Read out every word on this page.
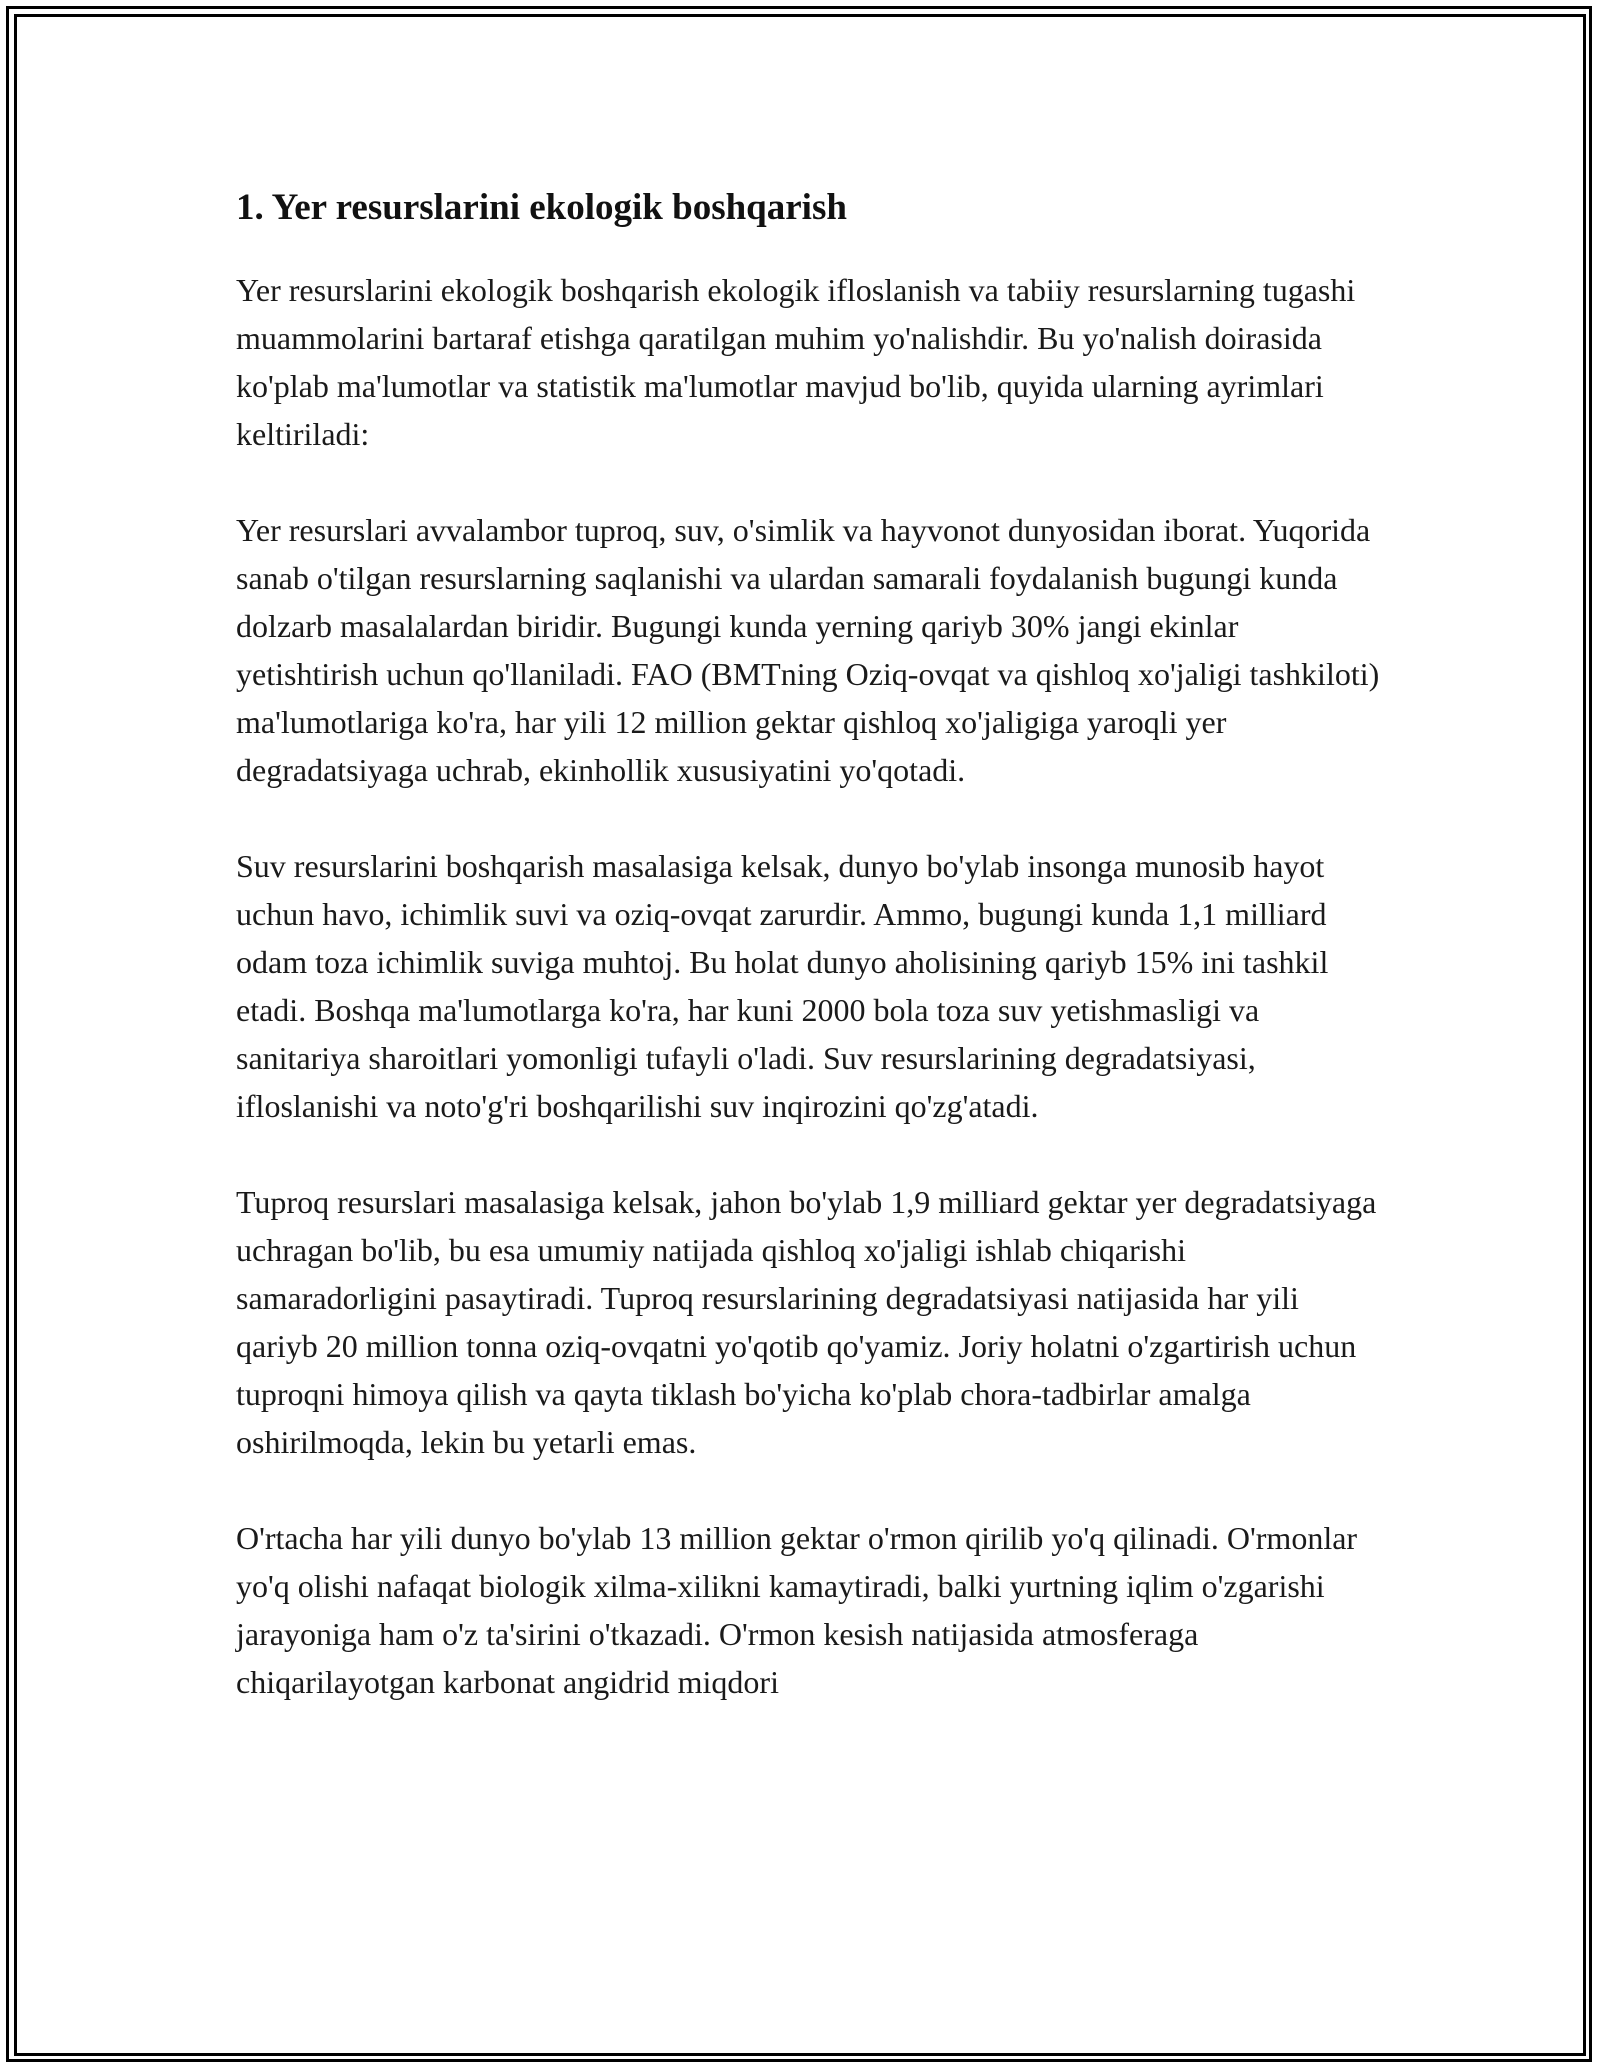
1. Yer resurslarini ekologik boshqarish

Yer resurslarini ekologik boshqarish ekologik ifloslanish va tabiiy resurslarning tugashi muammolarini bartaraf etishga qaratilgan muhim yo'nalishdir. Bu yo'nalish doirasida ko'plab ma'lumotlar va statistik ma'lumotlar mavjud bo'lib, quyida ularning ayrimlari keltiriladi:

Yer resurslari avvalambor tuproq, suv, o'simlik va hayvonot dunyosidan iborat. Yuqorida sanab o'tilgan resurslarning saqlanishi va ulardan samarali foydalanish bugungi kunda dolzarb masalalardan biridir. Bugungi kunda yerning qariyb 30% jangi ekinlar yetishtirish uchun qo'llaniladi. FAO (BMTning Oziq-ovqat va qishloq xo'jaligi tashkiloti) ma'lumotlariga ko'ra, har yili 12 million gektar qishloq xo'jaligiga yaroqli yer degradatsiyaga uchrab, ekinhollik xususiyatini yo'qotadi.

Suv resurslarini boshqarish masalasiga kelsak, dunyo bo'ylab insonga munosib hayot uchun havo, ichimlik suvi va oziq-ovqat zarurdir. Ammo, bugungi kunda 1,1 milliard odam toza ichimlik suviga muhtoj. Bu holat dunyo aholisining qariyb 15% ini tashkil etadi. Boshqa ma'lumotlarga ko'ra, har kuni 2000 bola toza suv yetishmasligi va sanitariya sharoitlari yomonligi tufayli o'ladi. Suv resurslarining degradatsiyasi, ifloslanishi va noto'g'ri boshqarilishi suv inqirozini qo'zg'atadi.

Tuproq resurslari masalasiga kelsak, jahon bo'ylab 1,9 milliard gektar yer degradatsiyaga uchragan bo'lib, bu esa umumiy natijada qishloq xo'jaligi ishlab chiqarishi samaradorligini pasaytiradi. Tuproq resurslarining degradatsiyasi natijasida har yili qariyb 20 million tonna oziq-ovqatni yo'qotib qo'yamiz. Joriy holatni o'zgartirish uchun tuproqni himoya qilish va qayta tiklash bo'yicha ko'plab chora-tadbirlar amalga oshirilmoqda, lekin bu yetarli emas.

O'rtacha har yili dunyo bo'ylab 13 million gektar o'rmon qirilib yo'q qilinadi. O'rmonlar yo'q olishi nafaqat biologik xilma-xilikni kamaytiradi, balki yurtning iqlim o'zgarishi jarayoniga ham o'z ta'sirini o'tkazadi. O'rmon kesish natijasida atmosferaga chiqarilayotgan karbonat angidrid miqdori
